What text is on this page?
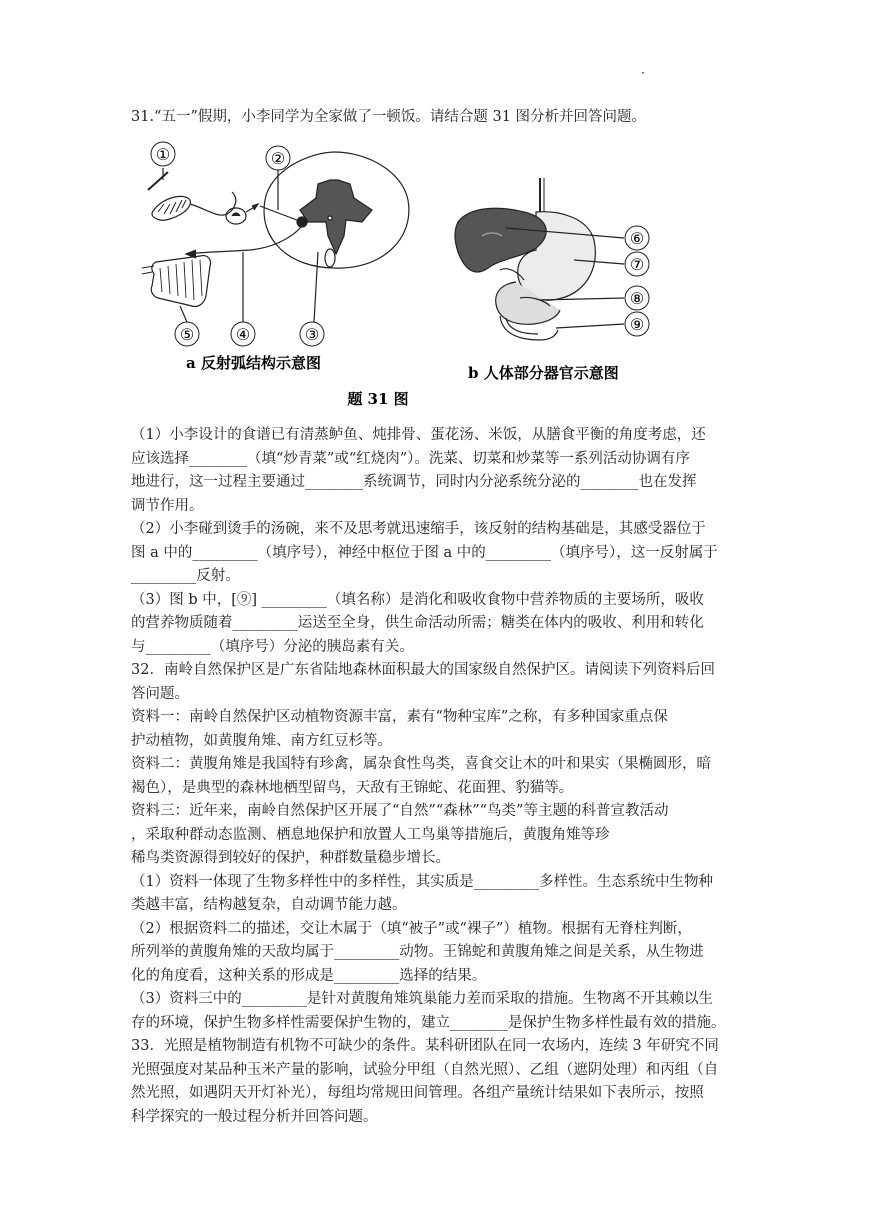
·
31.“五一”假期，小李同学为全家做了一顿饭。请结合题 31 图分析并回答问题。
①	②
③
④
⑤
a 反射弧结构示意图
⑥
⑦
⑧
⑨
b 人体部分器官示意图
题 31 图
（1）小李设计的食谱已有清蒸鲈鱼、炖排骨、蛋花汤、米饭，从膳食平衡的角度考虑，还
应该选择________（填“炒青菜”或“红烧肉”）。洗菜、切菜和炒菜等一系列活动协调有序
地进行，这一过程主要通过________系统调节，同时内分泌系统分泌的________也在发挥
调节作用。
（2）小李碰到烫手的汤碗，来不及思考就迅速缩手，该反射的结构基础是，其感受器位于
图 a 中的_________（填序号），神经中枢位于图 a 中的_________（填序号），这一反射属于
_________反射。
（3）图 b 中，[⑨] _________（填名称）是消化和吸收食物中营养物质的主要场所，吸收
的营养物质随着_________运送至全身，供生命活动所需；糖类在体内的吸收、利用和转化
与_________（填序号）分泌的胰岛素有关。
32．南岭自然保护区是广东省陆地森林面积最大的国家级自然保护区。请阅读下列资料后回
答问题。
资料一：南岭自然保护区动植物资源丰富，素有“物种宝库”之称，有多种国家重点保
护动植物，如黄腹角雉、南方红豆杉等。
资料二：黄腹角雉是我国特有珍禽，属杂食性鸟类，喜食交让木的叶和果实（果椭圆形，暗
褐色），是典型的森林地栖型留鸟，天敌有王锦蛇、花面狸、豹猫等。
资料三：近年来，南岭自然保护区开展了“自然”“森林”“鸟类”等主题的科普宣教活动
，采取种群动态监测、栖息地保护和放置人工鸟巢等措施后，黄腹角雉等珍
稀鸟类资源得到较好的保护，种群数量稳步增长。
（1）资料一体现了生物多样性中的多样性，其实质是_________多样性。生态系统中生物种
类越丰富，结构越复杂，自动调节能力越。
（2）根据资料二的描述，交让木属于（填“被子”或“裸子”）植物。根据有无脊柱判断，
所列举的黄腹角雉的天敌均属于_________动物。王锦蛇和黄腹角雉之间是关系，从生物进
化的角度看，这种关系的形成是_________选择的结果。
（3）资料三中的_________是针对黄腹角雉筑巢能力差而采取的措施。生物离不开其赖以生
存的环境，保护生物多样性需要保护生物的，建立________是保护生物多样性最有效的措施。
33．光照是植物制造有机物不可缺少的条件。某科研团队在同一农场内，连续 3 年研究不同
光照强度对某品种玉米产量的影响，试验分甲组（自然光照）、乙组（遮阴处理）和丙组（自
然光照，如遇阴天开灯补光），每组均常规田间管理。各组产量统计结果如下表所示，按照
科学探究的一般过程分析并回答问题。
